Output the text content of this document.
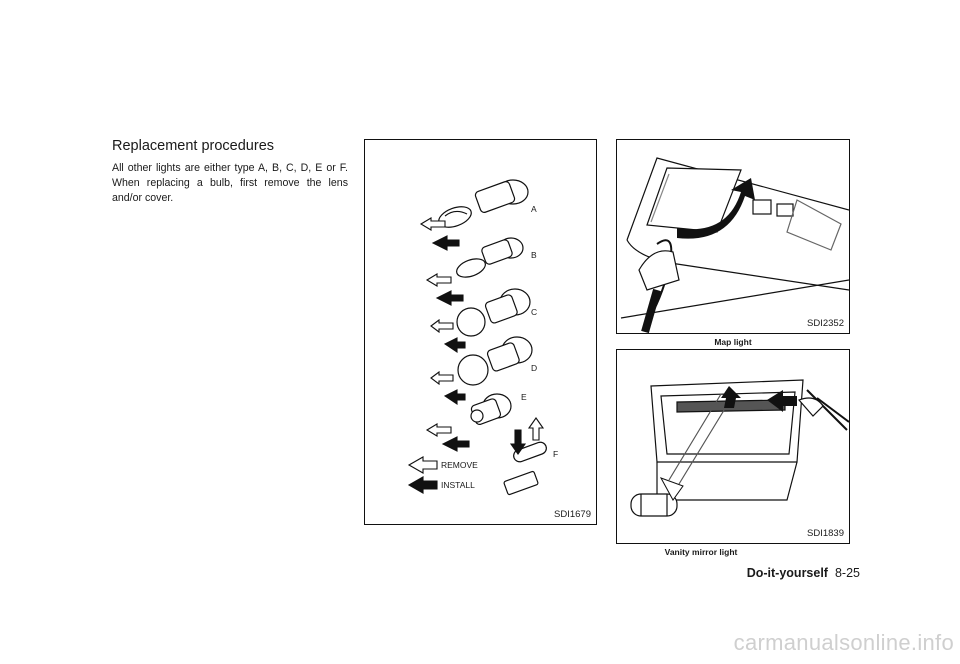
Replacement procedures
All other lights are either type A, B, C, D, E or F. When replacing a bulb, first remove the lens and/or cover.
A
B
C
D
E
F
REMOVE
INSTALL
SDI1679
SDI2352
Map light
SDI1839
Vanity mirror light
Do-it-yourself 8-25
carmanualsonline.info
